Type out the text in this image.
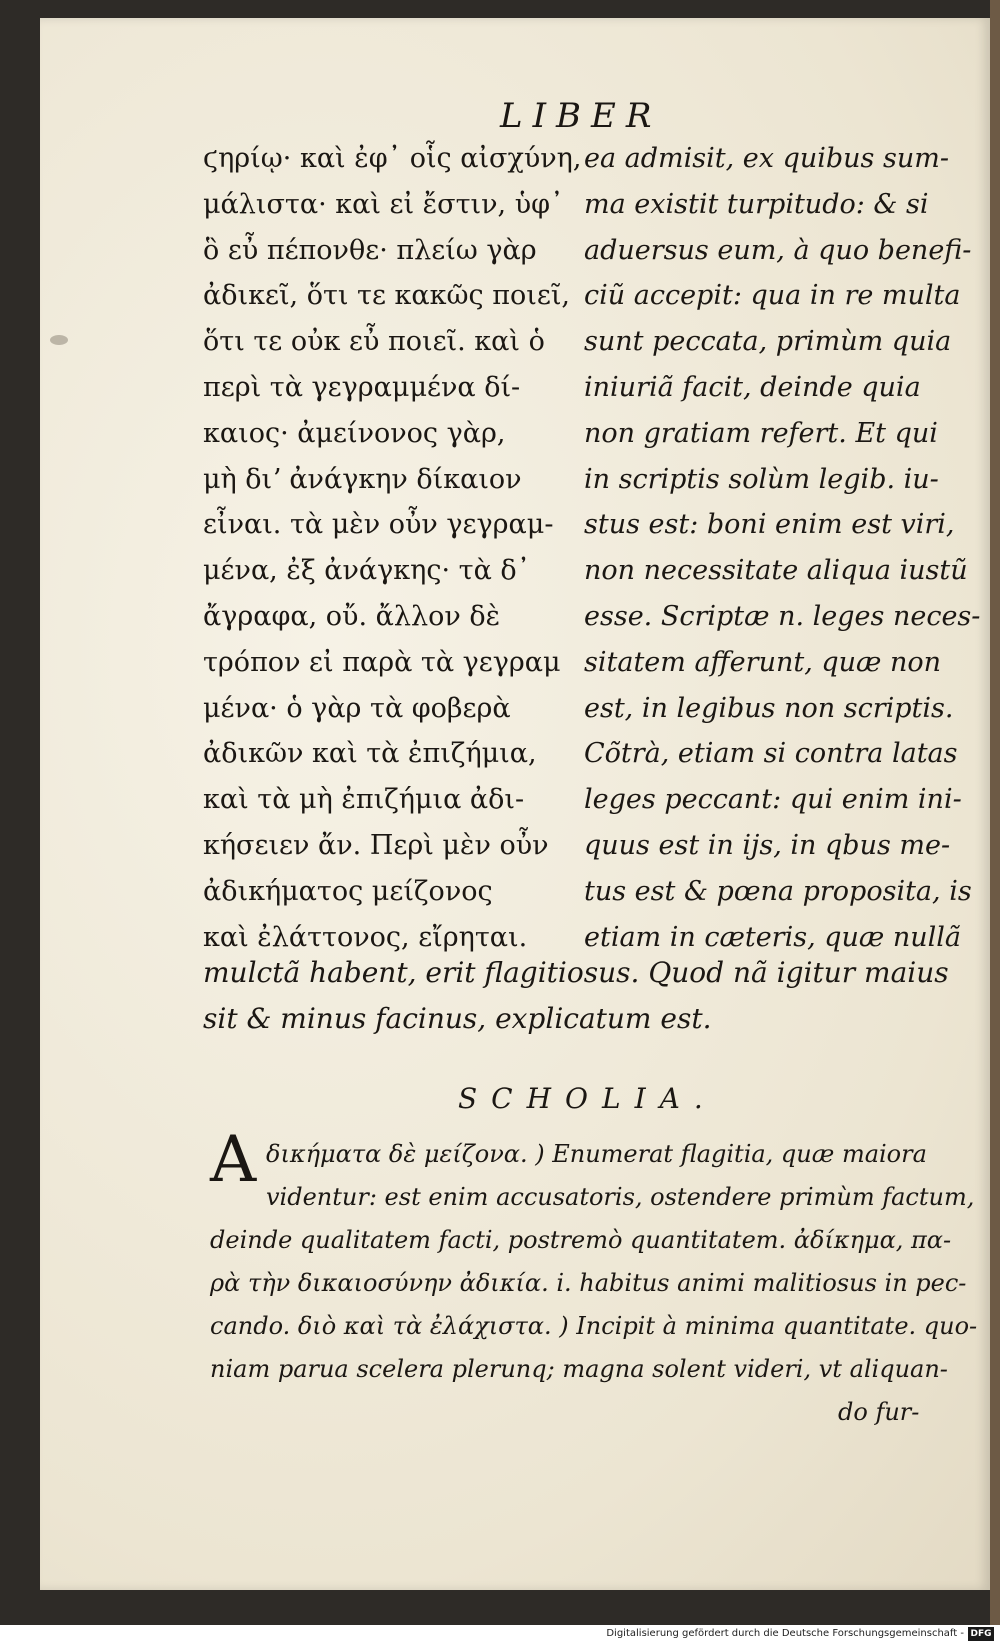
LIBER
ϛηρίῳ· καὶ ἐφ᾽ οἷς αἰσχύνη,
μάλιστα· καὶ εἰ ἔστιν, ὑφ᾽
ὃ εὖ πέπονθε· πλείω γὰρ
ἀδικεῖ, ὅτι τε κακῶς ποιεῖ,
ὅτι τε οὐκ εὖ ποιεῖ. καὶ ὁ
περὶ τὰ γεγραμμένα δί-
καιος· ἀμείνονος γὰρ,
μὴ διʼ ἀνάγκην δίκαιον
εἶναι. τὰ μὲν οὖν γεγραμ-
μένα, ἐξ ἀνάγκης· τὰ δ᾽
ἄγραφα, οὔ. ἄλλον δὲ
τρόπον εἰ παρὰ τὰ γεγραμ
μένα· ὁ γὰρ τὰ φοβερὰ
ἀδικῶν καὶ τὰ ἐπιζήμια,
καὶ τὰ μὴ ἐπιζήμια ἀδι-
κήσειεν ἄν. Περὶ μὲν οὖν
ἀδικήματος μείζονος
καὶ ἐλάττονος, εἴρηται.
ea admisit, ex quibus sum-
ma existit turpitudo: & si
aduersus eum, à quo benefi-
ciũ accepit: qua in re multa
sunt peccata, primùm quia
iniuriã facit, deinde quia
non gratiam refert. Et qui
in scriptis solùm legib. iu-
stus est: boni enim est viri,
non necessitate aliqua iustũ
esse. Scriptæ n. leges neces-
sitatem afferunt, quæ non
est, in legibus non scriptis.
Cõtrà, etiam si contra latas
leges peccant: qui enim ini-
quus est in ijs, in qbus me-
tus est & pœna proposita, is
etiam in cæteris, quæ nullã
mulctã habent, erit flagitiosus. Quod nã igitur maius
sit & minus facinus, explicatum est.
SCHOLIA.
A δικήματα δὲ μείζονα. ) Enumerat flagitia, quæ maiora
videntur: est enim accusatoris, ostendere primùm factum,
deinde qualitatem facti, postremò quantitatem. ἀδίκημα, πα-
ρὰ τὴν δικαιοσύνην ἀδικία. i. habitus animi malitiosus in pec-
cando. διὸ καὶ τὰ ἐλάχιστα. ) Incipit à minima quantitate. quo-
niam parua scelera plerunq; magna solent videri, vt aliquan-
do fur-
Digitalisierung gefördert durch die Deutsche Forschungsgemeinschaft - DFG
